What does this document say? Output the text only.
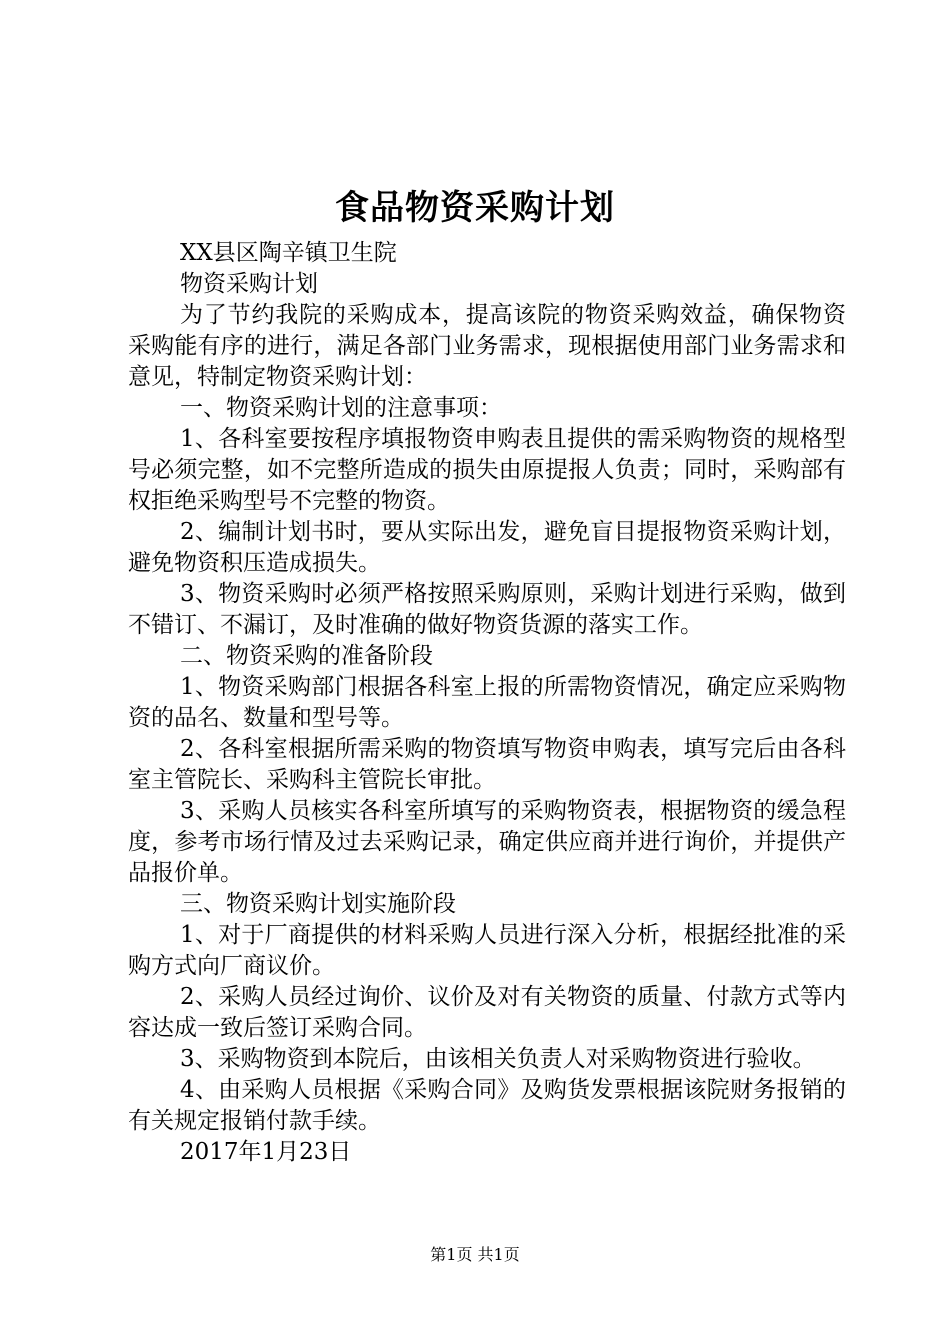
食品物资采购计划

XX县区陶辛镇卫生院

物资采购计划

为了节约我院的采购成本，提高该院的物资采购效益，确保物资采购能有序的进行，满足各部门业务需求，现根据使用部门业务需求和意见，特制定物资采购计划：

一、物资采购计划的注意事项：

1、各科室要按程序填报物资申购表且提供的需采购物资的规格型号必须完整，如不完整所造成的损失由原提报人负责；同时，采购部有权拒绝采购型号不完整的物资。

2、编制计划书时，要从实际出发，避免盲目提报物资采购计划，避免物资积压造成损失。

3、物资采购时必须严格按照采购原则，采购计划进行采购，做到不错订、不漏订，及时准确的做好物资货源的落实工作。

二、物资采购的准备阶段

1、物资采购部门根据各科室上报的所需物资情况，确定应采购物资的品名、数量和型号等。

2、各科室根据所需采购的物资填写物资申购表，填写完后由各科室主管院长、采购科主管院长审批。

3、采购人员核实各科室所填写的采购物资表，根据物资的缓急程度，参考市场行情及过去采购记录，确定供应商并进行询价，并提供产品报价单。

三、物资采购计划实施阶段

1、对于厂商提供的材料采购人员进行深入分析，根据经批准的采购方式向厂商议价。

2、采购人员经过询价、议价及对有关物资的质量、付款方式等内容达成一致后签订采购合同。

3、采购物资到本院后，由该相关负责人对采购物资进行验收。

4、由采购人员根据《采购合同》及购货发票根据该院财务报销的有关规定报销付款手续。

2017年1月23日

第1页 共1页
